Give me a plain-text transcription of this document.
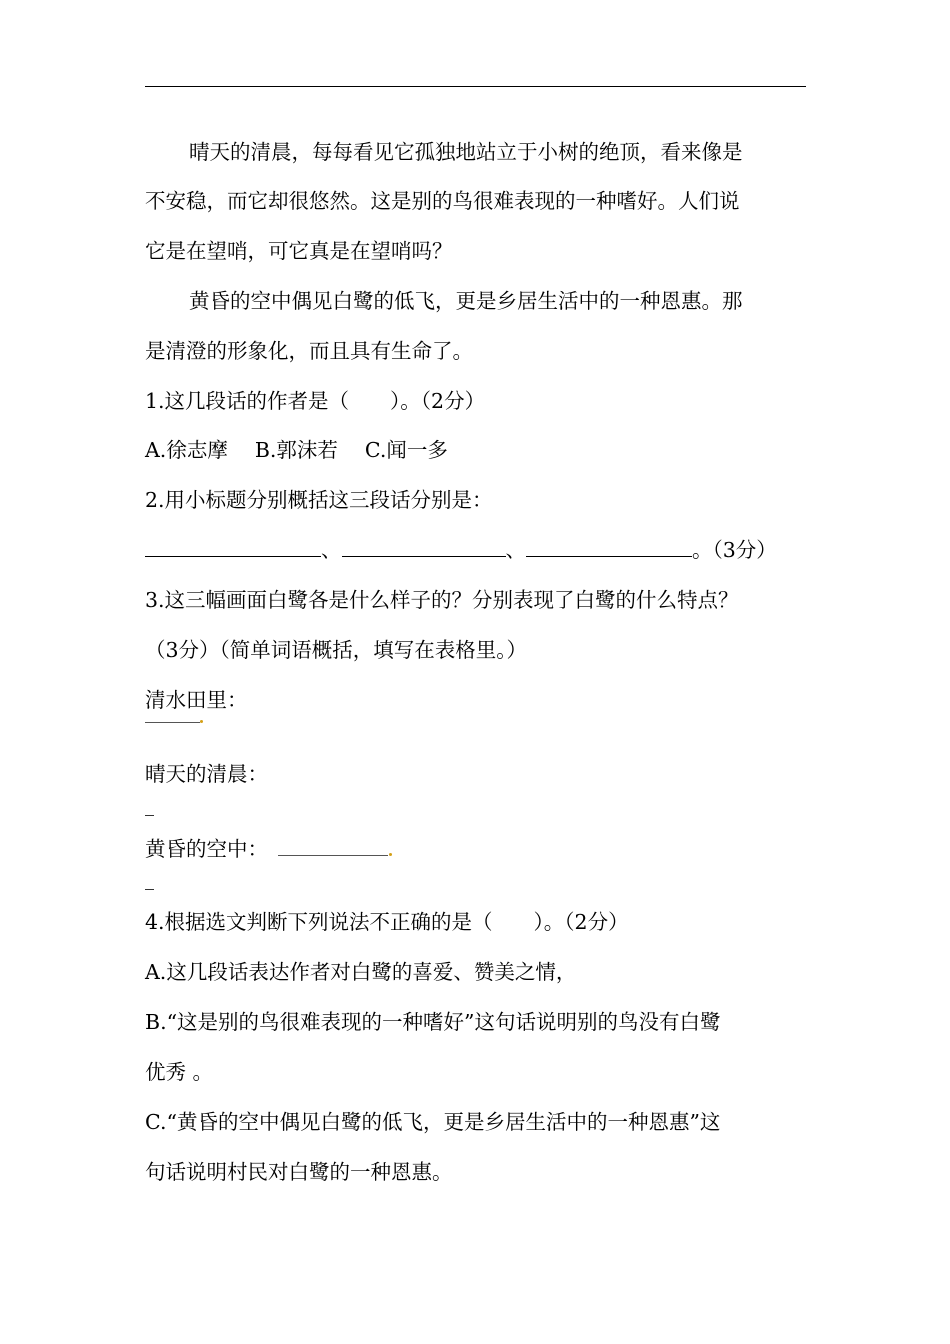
晴天的清晨，每每看见它孤独地站立于小树的绝顶，看来像是
不安稳，而它却很悠然。这是别的鸟很难表现的一种嗜好。人们说
它是在望哨，可它真是在望哨吗？
黄昏的空中偶见白鹭的低飞，更是乡居生活中的一种恩惠。那
是清澄的形象化，而且具有生命了。
1.这几段话的作者是（　　）。（2分）
A.徐志摩　 B.郭沫若　 C.闻一多
2.用小标题分别概括这三段话分别是：
、	、	。（3分）
3.这三幅画面白鹭各是什么样子的？分别表现了白鹭的什么特点？
（3分）（简单词语概括，填写在表格里。）
清水田里：
晴天的清晨：
黄昏的空中：
4.根据选文判断下列说法不正确的是（　　）。（2分）
A.这几段话表达作者对白鹭的喜爱、赞美之情，
B.“这是别的鸟很难表现的一种嗜好”这句话说明别的鸟没有白鹭
优秀 。
C.“黄昏的空中偶见白鹭的低飞，更是乡居生活中的一种恩惠”这
句话说明村民对白鹭的一种恩惠。
